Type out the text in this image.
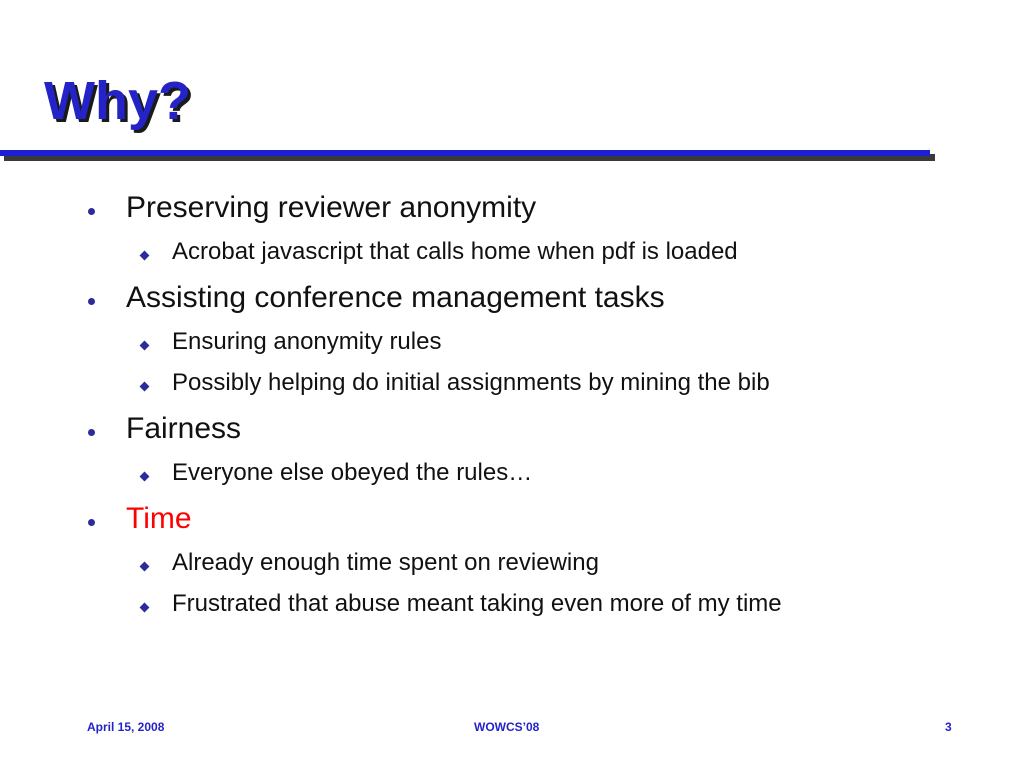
Why?
Preserving reviewer anonymity
Acrobat javascript that calls home when pdf is loaded
Assisting conference management tasks
Ensuring anonymity rules
Possibly helping do initial assignments by mining the bib
Fairness
Everyone else obeyed the rules…
Time
Already enough time spent on reviewing
Frustrated that abuse meant taking even more of my time
April 15, 2008	WOWCS’08	3
